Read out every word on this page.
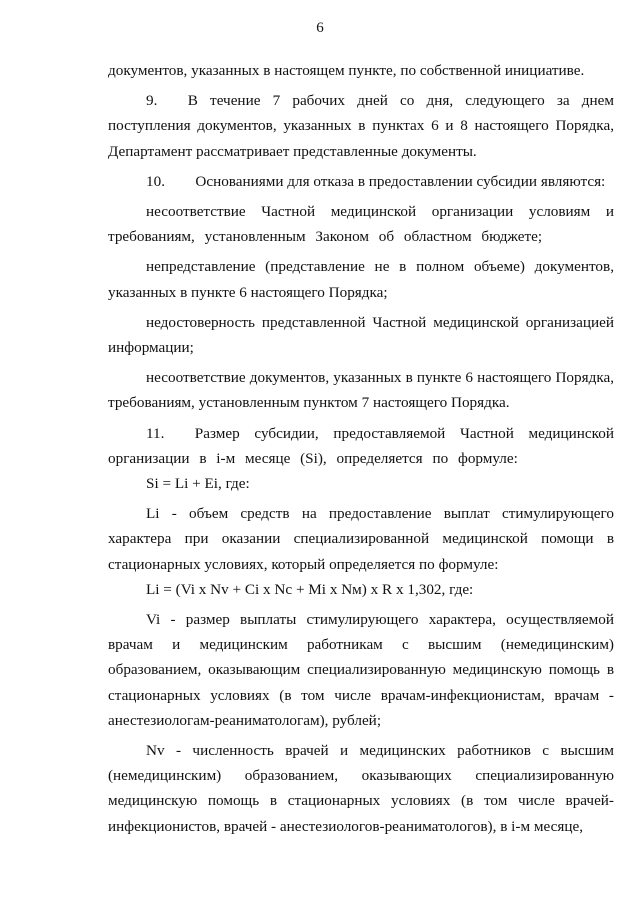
6

документов, указанных в настоящем пункте, по собственной инициативе.

9.  В течение 7 рабочих дней со дня, следующего за днем поступления документов, указанных в пунктах 6 и 8 настоящего Порядка, Департамент рассматривает представленные документы.

10.  Основаниями для отказа в предоставлении субсидии являются:

несоответствие Частной медицинской организации условиям и требованиям, установленным Законом об областном бюджете;

непредставление (представление не в полном объеме) документов, указанных в пункте 6 настоящего Порядка;

недостоверность представленной Частной медицинской организацией информации;

несоответствие документов, указанных в пункте 6 настоящего Порядка, требованиям, установленным пунктом 7 настоящего Порядка.

11.  Размер субсидии, предоставляемой Частной медицинской организации в i-м месяце (Si), определяется по формуле:

Si = Li + Ei, где:

Li - объем средств на предоставление выплат стимулирующего характера при оказании специализированной медицинской помощи в стационарных условиях, который определяется по формуле:

Li = (Vi x Nv + Ci x Nc + Mi x Nм) x R x 1,302, где:

Vi - размер выплаты стимулирующего характера, осуществляемой врачам и медицинским работникам с высшим (немедицинским) образованием, оказывающим специализированную медицинскую помощь в стационарных условиях (в том числе врачам-инфекционистам, врачам - анестезиологам-реаниматологам), рублей;

Nv - численность врачей и медицинских работников с высшим (немедицинским) образованием, оказывающих специализированную медицинскую помощь в стационарных условиях (в том числе врачей-инфекционистов, врачей - анестезиологов-реаниматологов), в i-м месяце,
